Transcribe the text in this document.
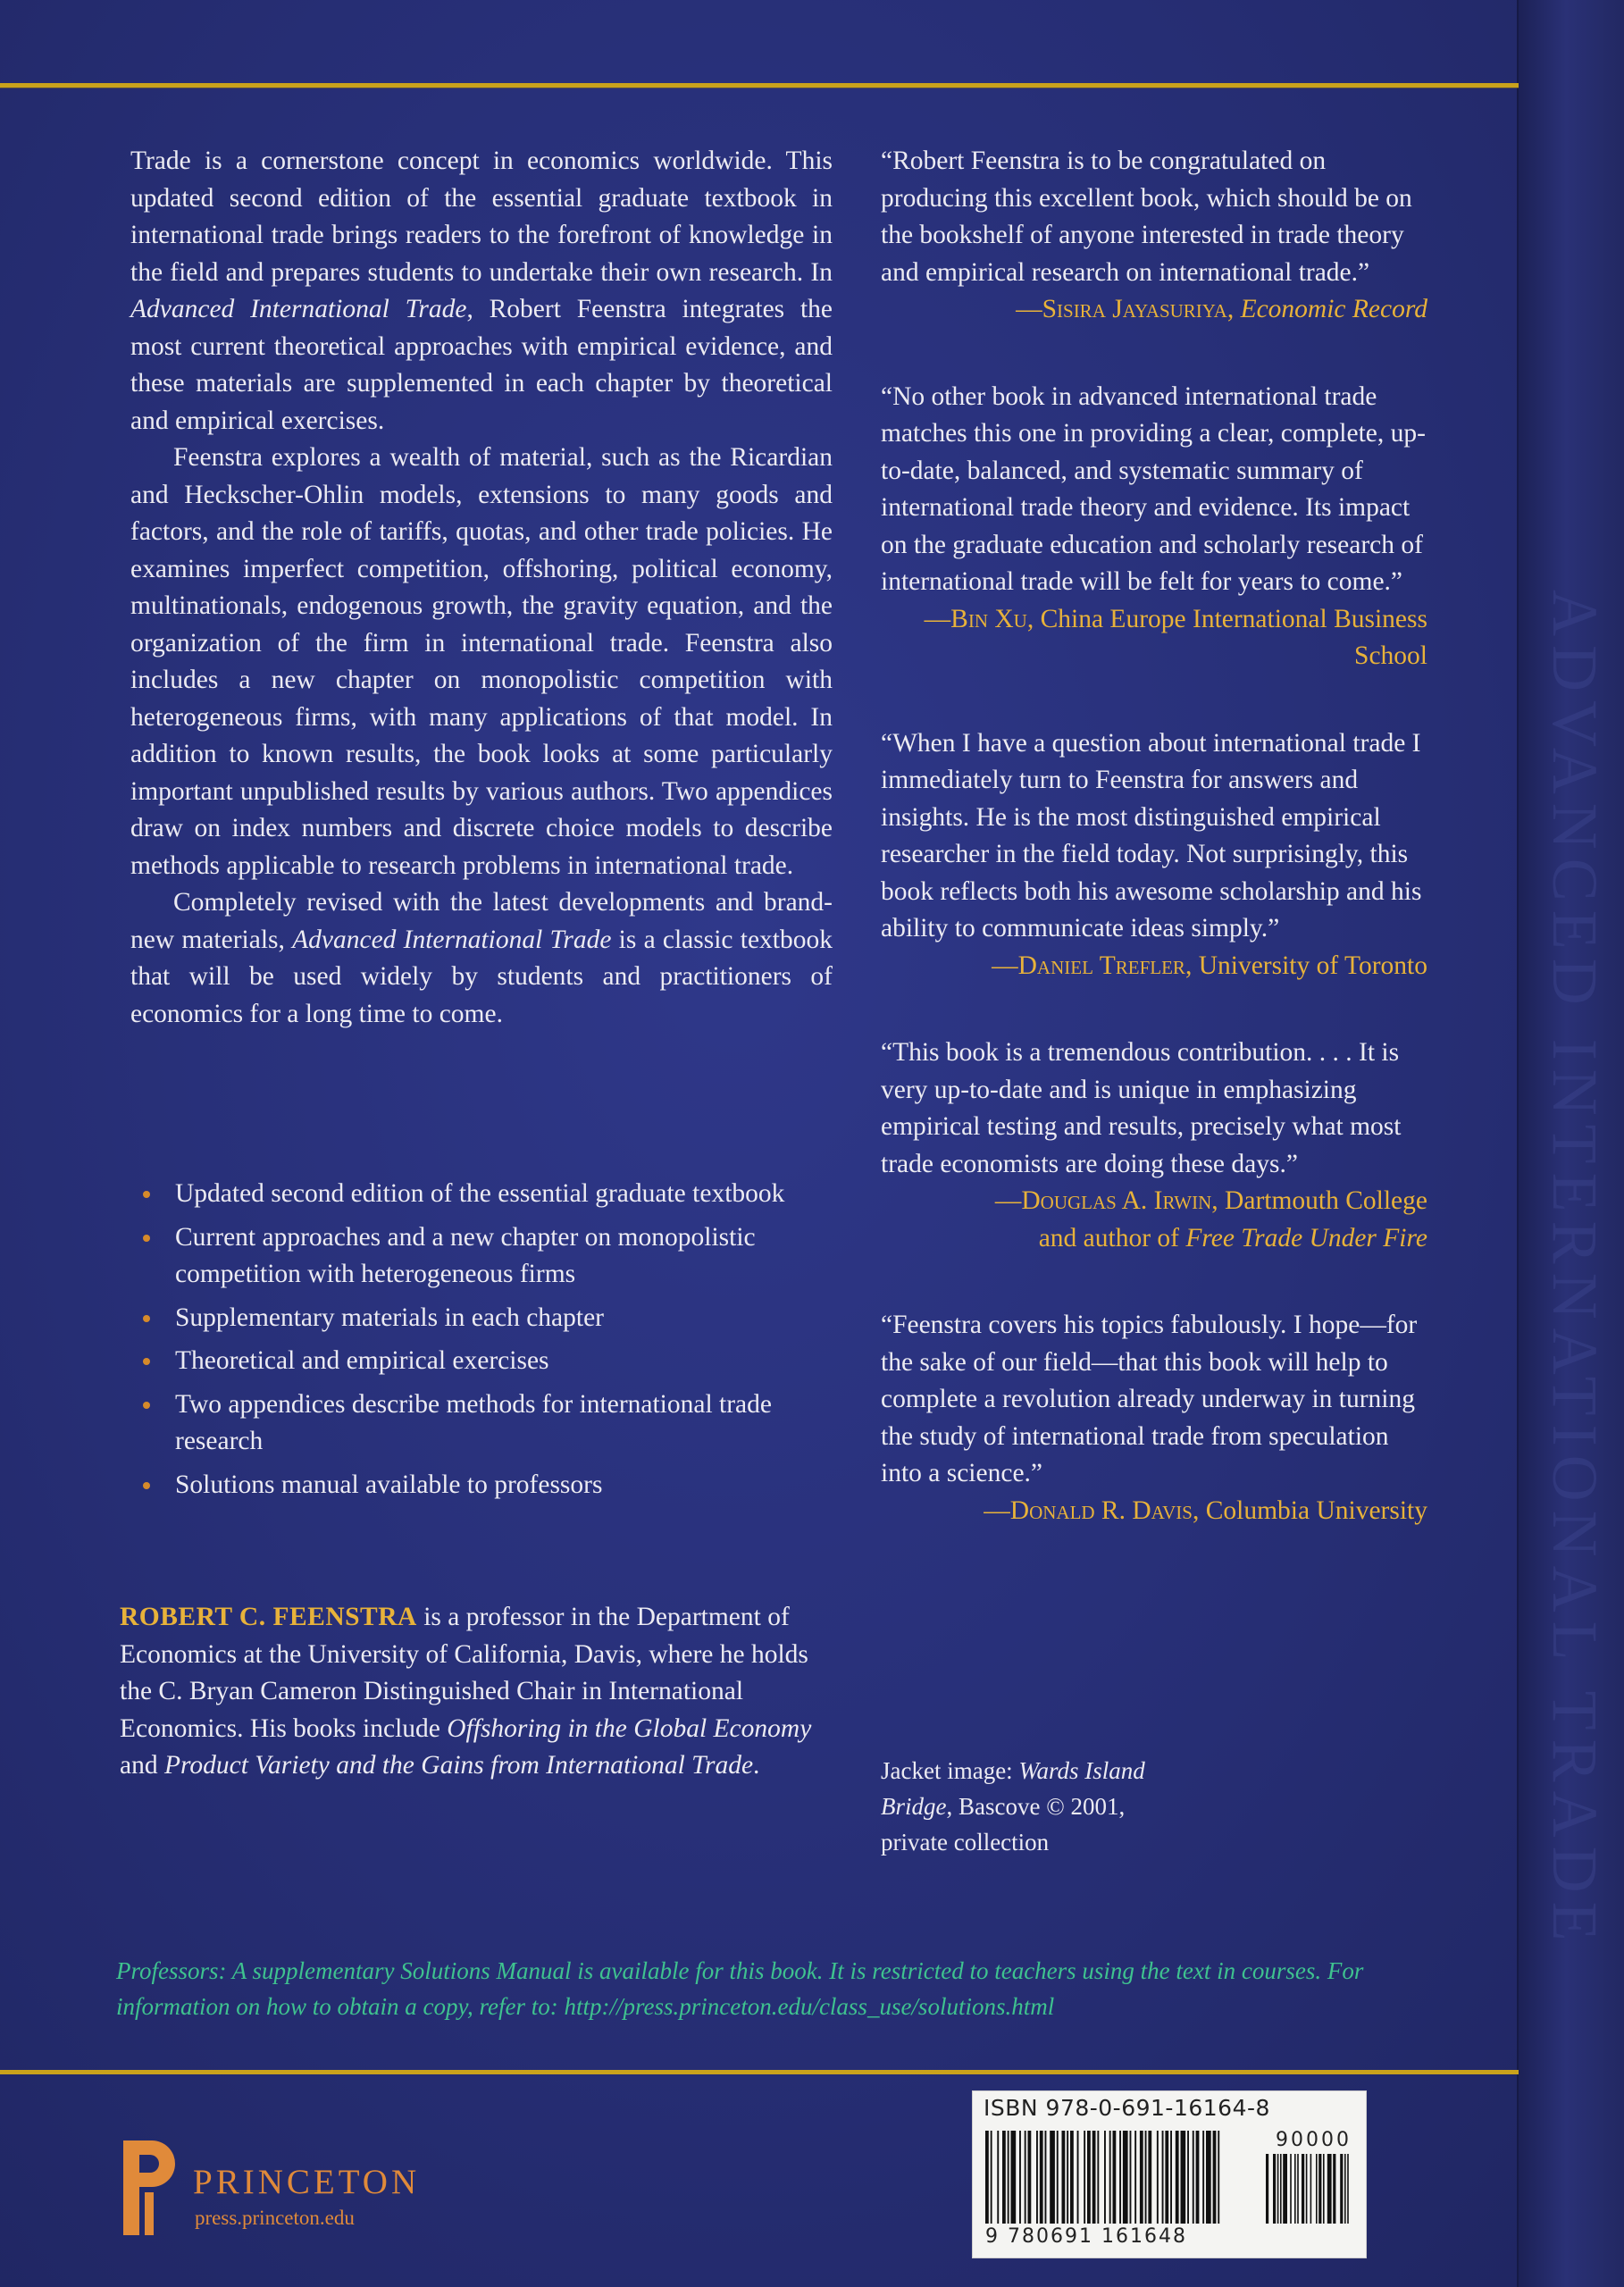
ADVANCED INTERNATIONAL TRADE

Trade is a cornerstone concept in economics worldwide. This updated second edition of the essential graduate textbook in international trade brings readers to the forefront of knowledge in the field and prepares students to undertake their own research. In Advanced International Trade, Robert Feenstra integrates the most current theoretical approaches with empirical evidence, and these materials are supplemented in each chapter by theoretical and empirical exercises.

Feenstra explores a wealth of material, such as the Ricardian and Heckscher-Ohlin models, extensions to many goods and factors, and the role of tariffs, quotas, and other trade policies. He examines imperfect competition, offshoring, political economy, multinationals, endogenous growth, the gravity equation, and the organization of the firm in international trade. Feenstra also includes a new chapter on monopolistic competition with heterogeneous firms, with many applications of that model. In addition to known results, the book looks at some particularly important unpublished results by various authors. Two appendices draw on index numbers and discrete choice models to describe methods applicable to research problems in international trade.

Completely revised with the latest developments and brand-new materials, Advanced International Trade is a classic textbook that will be used widely by students and practitioners of economics for a long time to come.

Updated second edition of the essential graduate textbook
Current approaches and a new chapter on monopolistic competition with heterogeneous firms
Supplementary materials in each chapter
Theoretical and empirical exercises
Two appendices describe methods for international trade research
Solutions manual available to professors

ROBERT C. FEENSTRA is a professor in the Department of Economics at the University of California, Davis, where he holds the C. Bryan Cameron Distinguished Chair in International Economics. His books include Offshoring in the Global Economy and Product Variety and the Gains from International Trade.

“Robert Feenstra is to be congratulated on producing this excellent book, which should be on the bookshelf of anyone interested in trade theory and empirical research on international trade.”

—Sisira Jayasuriya, Economic Record

“No other book in advanced international trade matches this one in providing a clear, complete, up-to-date, balanced, and systematic summary of international trade theory and evidence. Its impact on the graduate education and scholarly research of international trade will be felt for years to come.”

—Bin Xu, China Europe International Business School

“When I have a question about international trade I immediately turn to Feenstra for answers and insights. He is the most distinguished empirical researcher in the field today. Not surprisingly, this book reflects both his awesome scholarship and his ability to communicate ideas simply.”

—Daniel Trefler, University of Toronto

“This book is a tremendous contribution. . . . It is very up-to-date and is unique in emphasizing empirical testing and results, precisely what most trade economists are doing these days.”

—Douglas A. Irwin, Dartmouth College
and author of Free Trade Under Fire

“Feenstra covers his topics fabulously. I hope—for the sake of our field—that this book will help to complete a revolution already underway in turning the study of international trade from speculation into a science.”

—Donald R. Davis, Columbia University

Jacket image: Wards Island Bridge, Bascove © 2001, private collection

Professors: A supplementary Solutions Manual is available for this book. It is restricted to teachers using the text in courses. For information on how to obtain a copy, refer to: http://press.princeton.edu/class_use/solutions.html

PRINCETON
press.princeton.edu
ISBN 978-0-691-16164-8
90000
9 780691 161648
